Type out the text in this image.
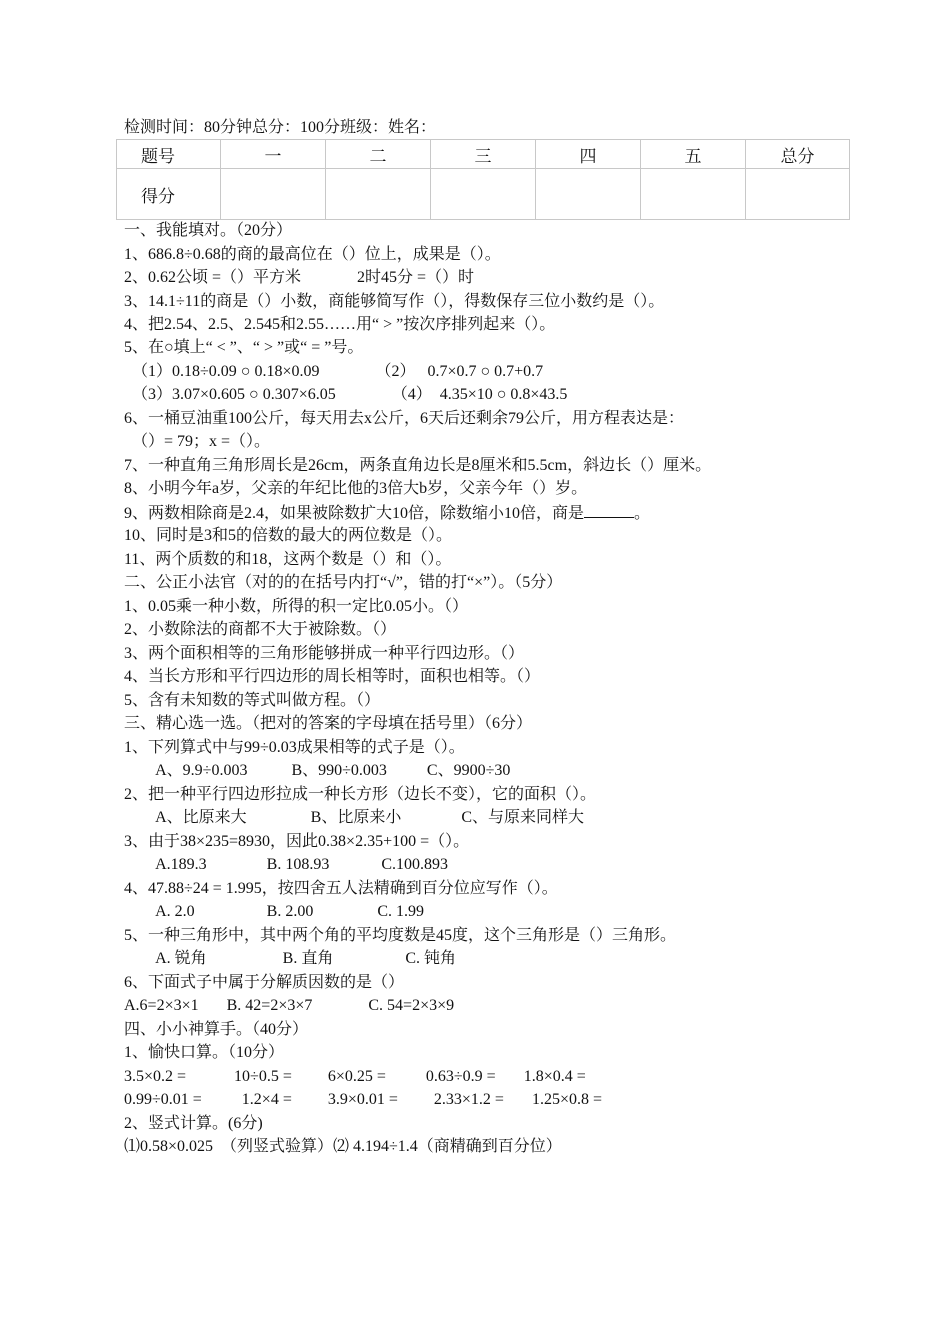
检测时间：80分钟总分：100分班级：姓名：
题号	一	二	三	四	五	总分
得分						
一、我能填对。（20分）
1、686.8÷0.68的商的最高位在（）位上，成果是（）。
2、0.62公顷 =（）平方米              2时45分 =（）时
3、14.1÷11的商是（）小数，商能够简写作（），得数保存三位小数约是（）。
4、把2.54、2.5、2.545和2.55……用“ > ”按次序排列起来（）。
5、在○填上“ < ”、“ > ”或“ = ”号。
（1）0.18÷0.09 ○ 0.18×0.09              （2）   0.7×0.7 ○ 0.7+0.7
（3）3.07×0.605 ○ 0.307×6.05              （4）  4.35×10 ○ 0.8×43.5
6、一桶豆油重100公斤，每天用去x公斤，6天后还剩余79公斤，用方程表达是：
（）= 79；x =（）。
7、一种直角三角形周长是26cm，两条直角边长是8厘米和5.5cm，斜边长（）厘米。
8、小明今年a岁，父亲的年纪比他的3倍大b岁，父亲今年（）岁。
9、两数相除商是2.4，如果被除数扩大10倍，除数缩小10倍，商是	。
10、同时是3和5的倍数的最大的两位数是（）。
11、两个质数的和18，这两个数是（）和（）。
二、公正小法官（对的的在括号内打“√”，错的打“×”）。（5分）
1、0.05乘一种小数，所得的积一定比0.05小。（）
2、小数除法的商都不大于被除数。（）
3、两个面积相等的三角形能够拼成一种平行四边形。（）
4、当长方形和平行四边形的周长相等时，面积也相等。（）
5、含有未知数的等式叫做方程。（）
三、精心选一选。（把对的答案的字母填在括号里）（6分）
1、下列算式中与99÷0.03成果相等的式子是（）。
A、9.9÷0.003           B、990÷0.003          C、9900÷30
2、把一种平行四边形拉成一种长方形（边长不变），它的面积（）。
A、比原来大                B、比原来小               C、与原来同样大
3、由于38×235=8930，因此0.38×2.35+100 =（）。
A.189.3               B. 108.93             C.100.893
4、47.88÷24 = 1.995，按四舍五人法精确到百分位应写作（）。
A. 2.0                  B. 2.00                C. 1.99
5、一种三角形中，其中两个角的平均度数是45度，这个三角形是（）三角形。
A. 锐角                   B. 直角                  C. 钝角
6、下面式子中属于分解质因数的是（）
A.6=2×3×1       B. 42=2×3×7              C. 54=2×3×9
四、小小神算手。（40分）
1、愉快口算。（10分）
3.5×0.2 =            10÷0.5 =         6×0.25 =          0.63÷0.9 =       1.8×0.4 =
0.99÷0.01 =          1.2×4 =         3.9×0.01 =         2.33×1.2 =       1.25×0.8 =
2、竖式计算。(6分)
⑴0.58×0.025  （列竖式验算）⑵ 4.194÷1.4（商精确到百分位）
